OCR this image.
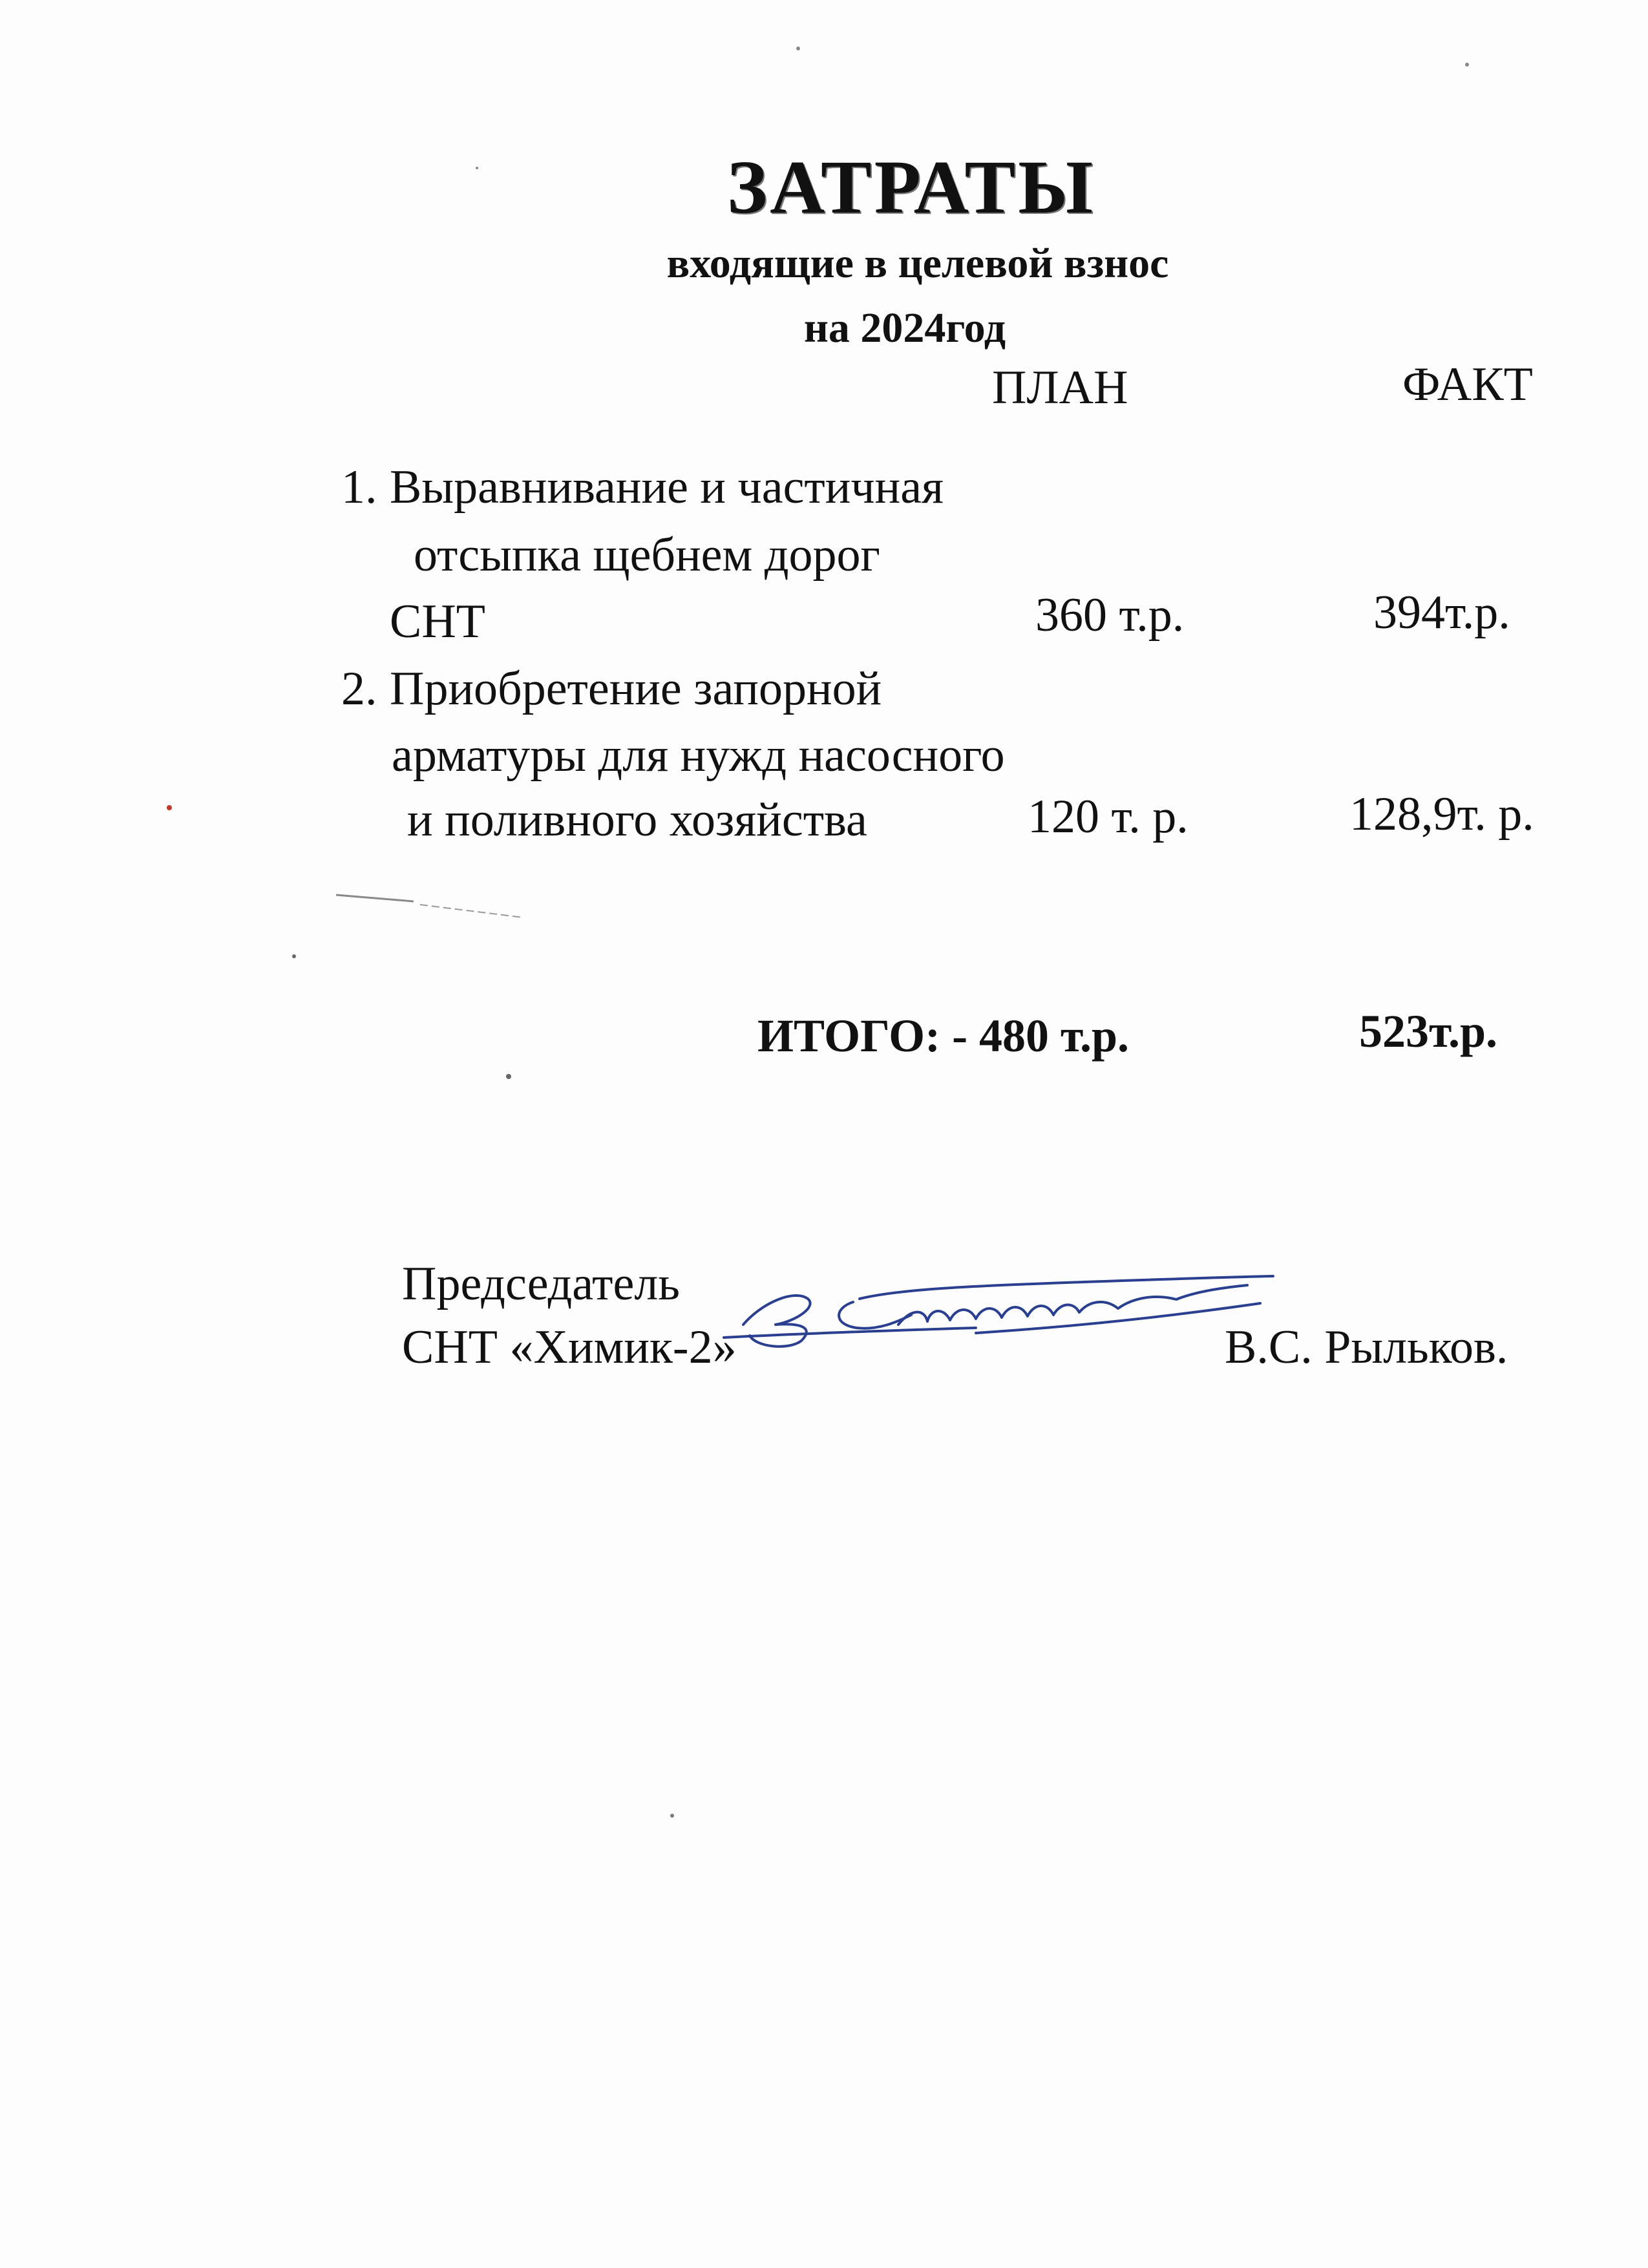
ЗАТРАТЫ
входящие в целевой взнос
на 2024год
ПЛАН	ФАКТ
1. Выравнивание и частичная
отсыпка щебнем дорог
СНТ	360 т.р.	394т.р.
2. Приобретение запорной
арматуры для нужд насосного
и поливного хозяйства	120 т. р.	128,9т. р.
ИТОГО: - 480 т.р.	523т.р.
Председатель
СНТ «Химик-2»	В.С. Рыльков.
